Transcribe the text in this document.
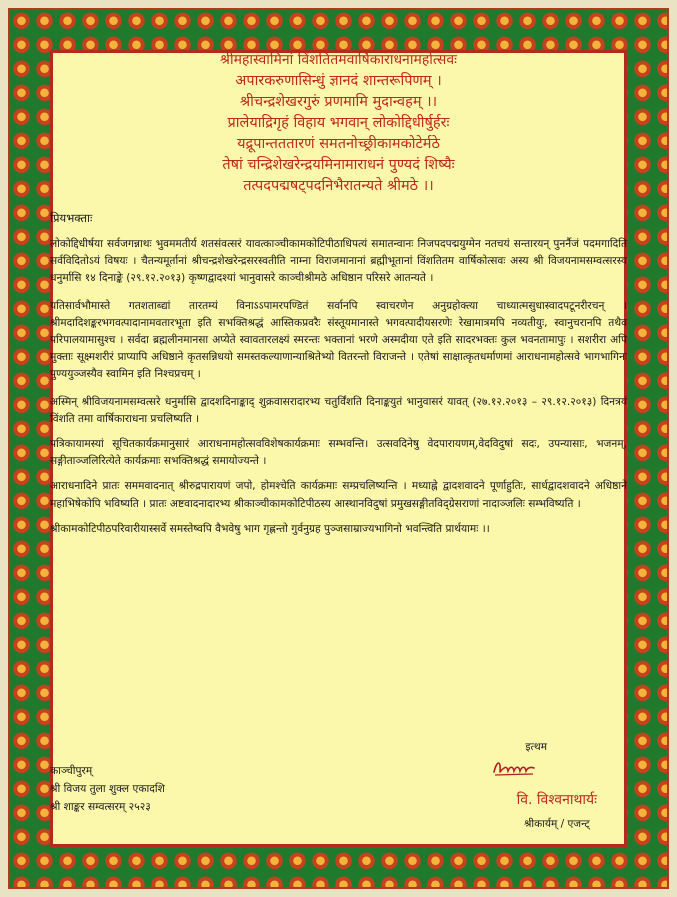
श्रीमहास्वामिनां विंशतितमवार्षिकाराधनामहोत्सवः
अपारकरुणासिन्धुं ज्ञानदं शान्तरूपिणम् ।
श्रीचन्द्रशेखरगुरुं प्रणमामि मुदान्वहम् ।।
प्रालेयाद्रिगृहं विहाय भगवान् लोकोद्दिधीर्षुर्हरः
यद्रूपान्तततारणं समतनोच्छ्रीकामकोटेर्मठे
तेषां चन्द्रिशेखरेन्द्रयमिनामाराधनं पुण्यदं शिष्यैः
तत्पदपद्मषट्पदनिभैरातन्यते श्रीमठे ।।
प्रियभक्ताः
लोकोद्दिधीर्षया सर्वजगन्नाथः भुवममतीर्य शतसंवत्सरं यावत्काञ्चीकामकोटिपीठाधिपत्यं समातन्वानः निजपदपद्मयुग्मेन नतचयं सन्तारयन् पुनर्नैजं पदमगादिति सर्वविदितोऽयं विषयः । चैतन्यमूर्तानां श्रीचन्द्रशेखरेन्द्रसरस्वतीति नाम्ना विराजमानानां ब्रह्मीभूतानां विंशतितम वार्षिकोत्सवः अस्य श्री विजयनामसम्वत्सरस्य धनुर्मासि १४ दिनाङ्के (२९.१२.२०१३) कृष्णद्वादश्यां भानुवासरे काञ्चीश्रीमठे अधिष्ठान परिसरे आतन्यते ।
यतिसार्वभौमास्ते गतशताब्द्यां तारतम्यं विनाऽऽपामरपण्डितं सर्वानपि स्वाचरणेन अनुग्रहोक्त्या चाध्यात्मसुधास्वादपटूनरीरचन् । श्रीमदादिशङ्करभगवत्पादानामवतारभूता इति सभक्तिश्रद्धं आस्तिकप्रवरैः संस्तूयमानास्ते भगवत्पादीयसरणेः रेखामात्रमपि नव्यतीयुः, स्वानुचरानपि तथैव परिपालयामासुश्च । सर्वदा ब्रह्मलीनमानसा अप्येते स्वावतारलक्ष्यं स्मरन्तः भक्तानां भरणे अस्मदीया एते इति सादरभक्तः कुल भवनतामापुः । सशरीरा अपि मुक्ताः सूक्ष्मशरीरं प्राप्यापि अधिष्ठाने कृतसन्निधयो समस्तकल्याणान्याश्रितेभ्यो वितरन्तो विराजन्ते । एतेषां साक्षात्कृतधर्माणमां आराधनामहोत्सवे भागभागिनः पुण्ययुञ्जस्यैव स्वामिन इति निश्चप्रचम् ।
अस्मिन् श्रीविजयनामसम्वत्सरे धनुर्मासि द्वादशदिनाङ्काद् शुक्रवासरादारभ्य चतुर्विंशति दिनाङ्कयुतं भानुवासरं यावत् (२७.१२.२०१३ – २९.१२.२०१३) दिनत्रयं विंशति तमा वार्षिकाराधना प्रचलिष्यति ।
पत्रिकायामस्यां सूचितकार्यक्रमानुसारं आराधनामहोत्सवविशेषकार्यक्रमाः सम्भवन्ति। उत्सवदिनेषु वेदपारायणम्,वेदविदुषां सदः, उपन्यासाः, भजनम्, सङ्गीताञ्जलिरित्येते कार्यक्रमाः सभक्तिश्रद्धं समायोज्यन्ते ।
आराधनादिने प्रातः सममवादनात् श्रीरुद्रपारायणं जपो, होमश्चेति कार्यक्रमाः सम्प्रचलिष्यन्ति । मध्याह्ने द्वादशवादने पूर्णाहुतिः, सार्धद्वादशवादने अधिष्ठाने महाभिषेकोपि भविष्यति । प्रातः अष्टवादनादारभ्य श्रीकाञ्चीकामकोटिपीठस्य आस्थानविदुषां प्रमुखसङ्गीतविद्ग्रेसराणां नादाञ्जलिः सम्भविष्यति ।
श्रीकामकोटिपीठपरिवारीयास्सर्वे समस्तेष्वपि वैभवेषु भाग गृह्णन्तो गुर्वनुग्रह पुञ्जसाम्राज्यभागिनो भवन्त्विति प्रार्थयामः ।।
इत्थम
काञ्चीपुरम्
श्री विजय तुला शुक्ल एकादशि
श्री शाङ्कर सम्वत्सरम् २५२३	वि. विश्वनाथार्यः
श्रीकार्यम् / एजन्ट्
